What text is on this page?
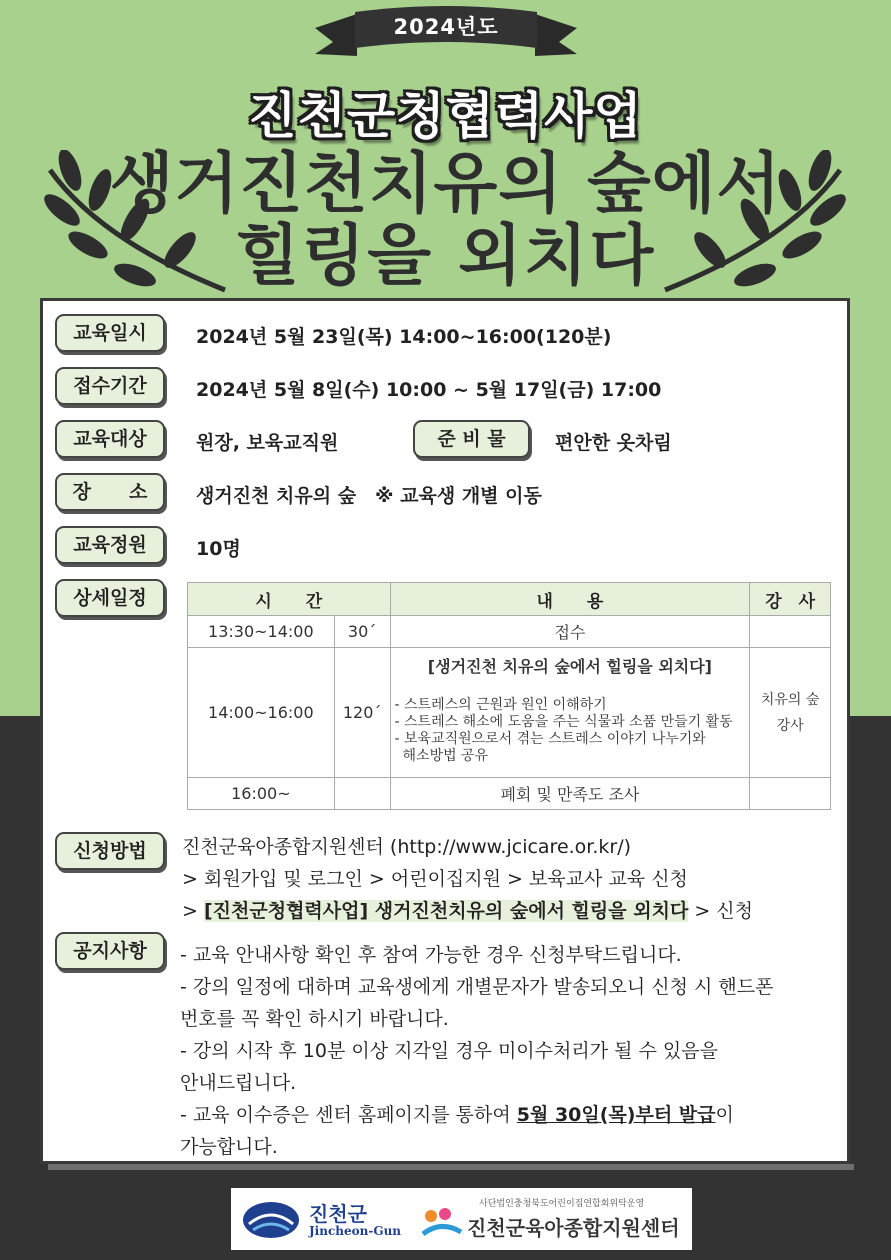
2024년도
진천군청협력사업
생거진천치유의 숲에서
힐링을 외치다
교육일시	2024년 5월 23일(목) 14:00~16:00(120분)
접수기간	2024년 5월 8일(수) 10:00 ~ 5월 17일(금) 17:00
교육대상	원장, 보육교직원	준 비 물	편안한 옷차림
장　　소	생거진천 치유의 숲　※ 교육생 개별 이동
교육정원	10명
상세일정	시　　간		내　　용	강　사
13:30~14:00	30´	접수	
14:00~16:00	120´	[생거진천 치유의 숲에서 힐링을 외치다]
- 스트레스의 근원과 원인 이해하기
- 스트레스 해소에 도움을 주는 식물과 소품 만들기 활동
- 보육교직원으로서 겪는 스트레스 이야기 나누기와
해소방법 공유	치유의 숲 강사
16:00~		폐회 및 만족도 조사	
신청방법	진천군육아종합지원센터 (http://www.jcicare.or.kr/)
> 회원가입 및 로그인 > 어린이집지원 > 보육교사 교육 신청
> [진천군청협력사업] 생거진천치유의 숲에서 힐링을 외치다 > 신청
공지사항	- 교육 안내사항 확인 후 참여 가능한 경우 신청부탁드립니다.
- 강의 일정에 대하며 교육생에게 개별문자가 발송되오니 신청 시 핸드폰
번호를 꼭 확인 하시기 바랍니다.
- 강의 시작 후 10분 이상 지각일 경우 미이수처리가 될 수 있음을
안내드립니다.
- 교육 이수증은 센터 홈페이지를 통하여 5월 30일(목)부터 발급이
가능합니다.
진천군
Jincheon-Gun
사단법인충청북도어린이집연합회위탁운영
진천군육아종합지원센터
